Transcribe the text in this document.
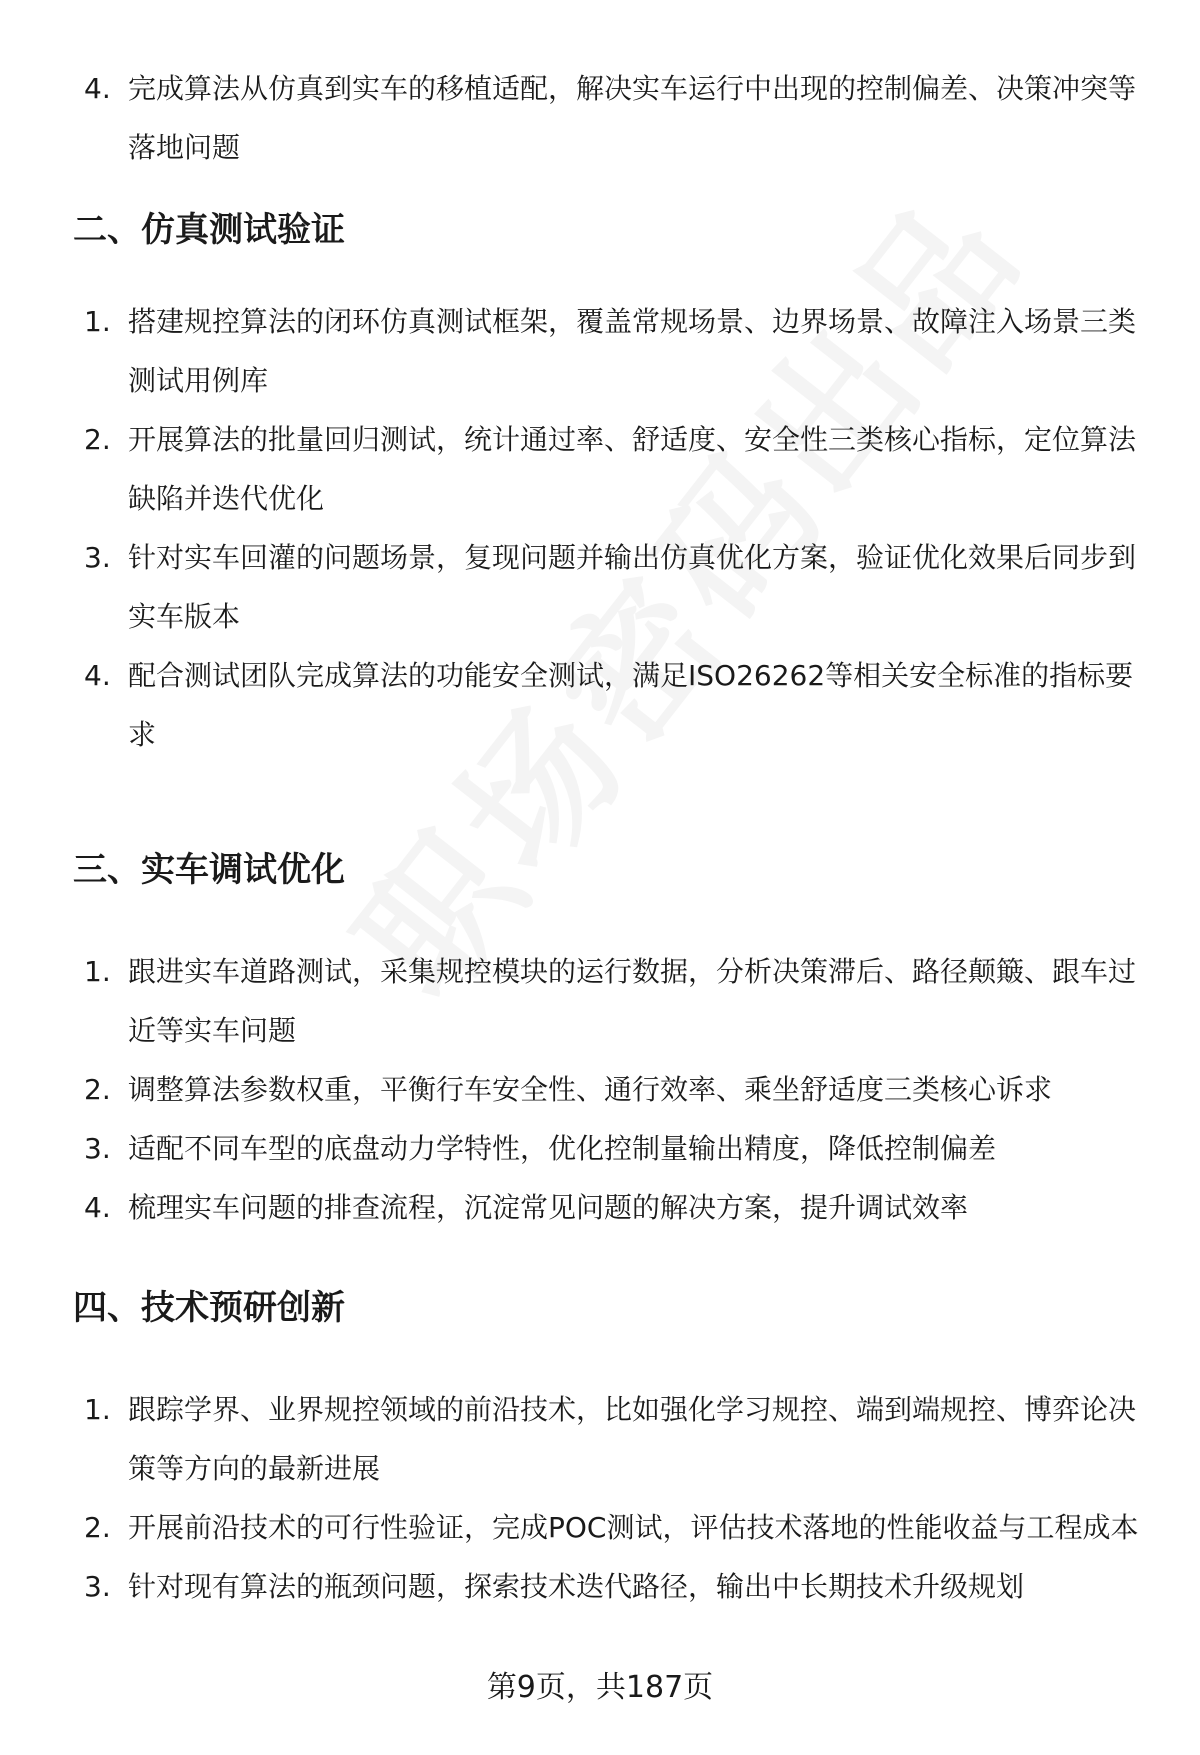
4. 完成算法从仿真到实车的移植适配，解决实车运行中出现的控制偏差、决策冲突等落地问题
二、仿真测试验证
1. 搭建规控算法的闭环仿真测试框架，覆盖常规场景、边界场景、故障注入场景三类测试用例库
2. 开展算法的批量回归测试，统计通过率、舒适度、安全性三类核心指标，定位算法缺陷并迭代优化
3. 针对实车回灌的问题场景，复现问题并输出仿真优化方案，验证优化效果后同步到实车版本
4. 配合测试团队完成算法的功能安全测试，满足ISO26262等相关安全标准的指标要求
三、实车调试优化
1. 跟进实车道路测试，采集规控模块的运行数据，分析决策滞后、路径颠簸、跟车过近等实车问题
2. 调整算法参数权重，平衡行车安全性、通行效率、乘坐舒适度三类核心诉求
3. 适配不同车型的底盘动力学特性，优化控制量输出精度，降低控制偏差
4. 梳理实车问题的排查流程，沉淀常见问题的解决方案，提升调试效率
四、技术预研创新
1. 跟踪学界、业界规控领域的前沿技术，比如强化学习规控、端到端规控、博弈论决策等方向的最新进展
2. 开展前沿技术的可行性验证，完成POC测试，评估技术落地的性能收益与工程成本
3. 针对现有算法的瓶颈问题，探索技术迭代路径，输出中长期技术升级规划
第9页，共187页
